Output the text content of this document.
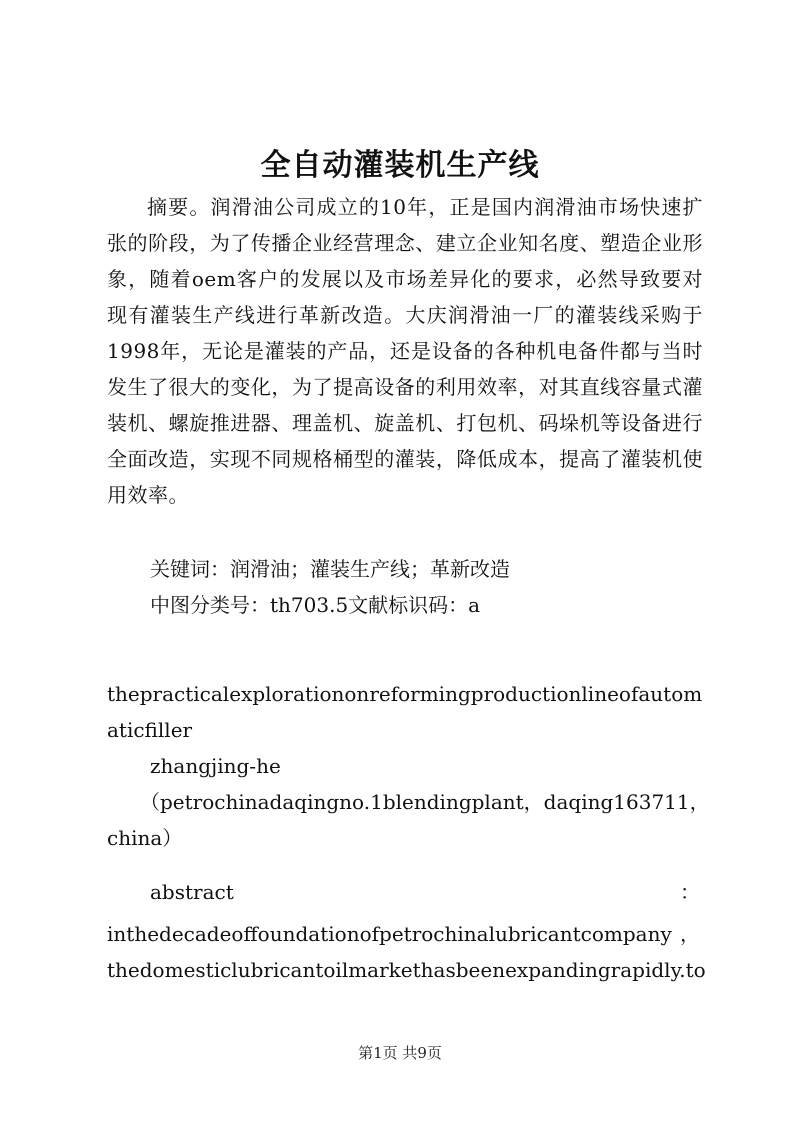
全自动灌装机生产线
摘要。润滑油公司成立的10年，正是国内润滑油市场快速扩张的阶段，为了传播企业经营理念、建立企业知名度、塑造企业形象，随着oem客户的发展以及市场差异化的要求，必然导致要对现有灌装生产线进行革新改造。大庆润滑油一厂的灌装线采购于1998年，无论是灌装的产品，还是设备的各种机电备件都与当时发生了很大的变化，为了提高设备的利用效率，对其直线容量式灌装机、螺旋推进器、理盖机、旋盖机、打包机、码垛机等设备进行全面改造，实现不同规格桶型的灌装，降低成本，提高了灌装机使用效率。
关键词：润滑油；灌装生产线；革新改造
中图分类号：th703.5文献标识码：a
thepracticalexplorationonreformingproductionlineofautom
aticfiller
zhangjing-he
（petrochinadaqingno.1blendingplant，daqing163711，
china）
abstract	：
inthedecadeoffoundationofpetrochinalubricantcompany ，
thedomesticlubricantoilmarkethasbeenexpandingrapidly.to
第1页 共9页
